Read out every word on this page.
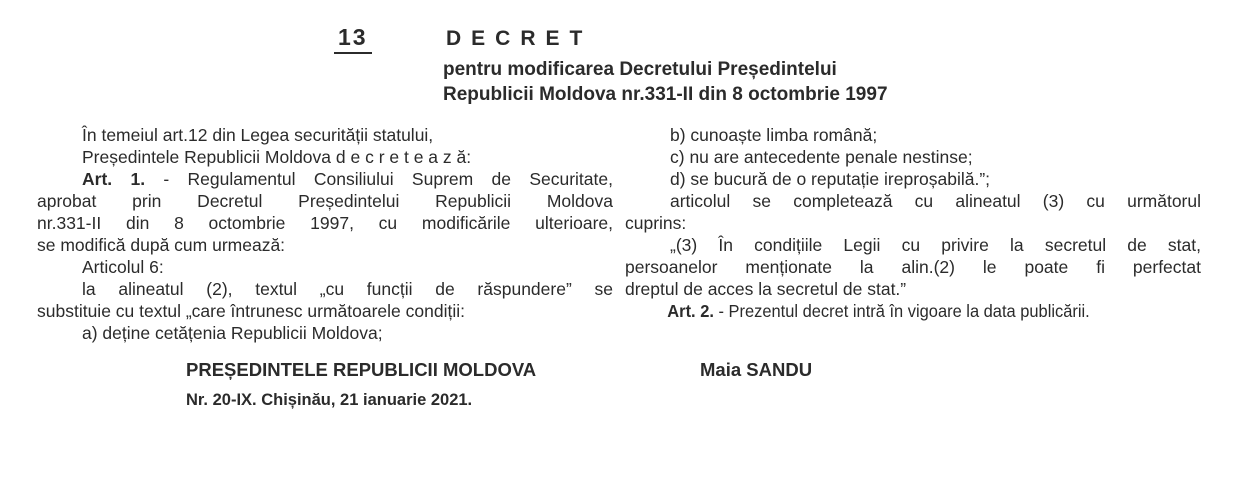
13	DECRET
pentru modificarea Decretului Președintelui
Republicii Moldova nr.331-II din 8 octombrie 1997
În temeiul art.12 din Legea securității statului,
Președintele Republicii Moldova d e c r e t e a z ă:
Art. 1. - Regulamentul Consiliului Suprem de Securitate,
aprobat prin Decretul Președintelui Republicii Moldova
nr.331-II din 8 octombrie 1997, cu modificările ulterioare,
se modifică după cum urmează:
Articolul 6:
la alineatul (2), textul „cu funcții de răspundere” se
substituie cu textul „care întrunesc următoarele condiții:
a) deține cetățenia Republicii Moldova;
b) cunoaște limba română;
c) nu are antecedente penale nestinse;
d) se bucură de o reputație ireproșabilă.”;
articolul se completează cu alineatul (3) cu următorul
cuprins:
„(3) În condițiile Legii cu privire la secretul de stat,
persoanelor menționate la alin.(2) le poate fi perfectat
dreptul de acces la secretul de stat.”
Art. 2. - Prezentul decret intră în vigoare la data publicării.
PREȘEDINTELE REPUBLICII MOLDOVA	Maia SANDU
Nr. 20-IX. Chișinău, 21 ianuarie 2021.
